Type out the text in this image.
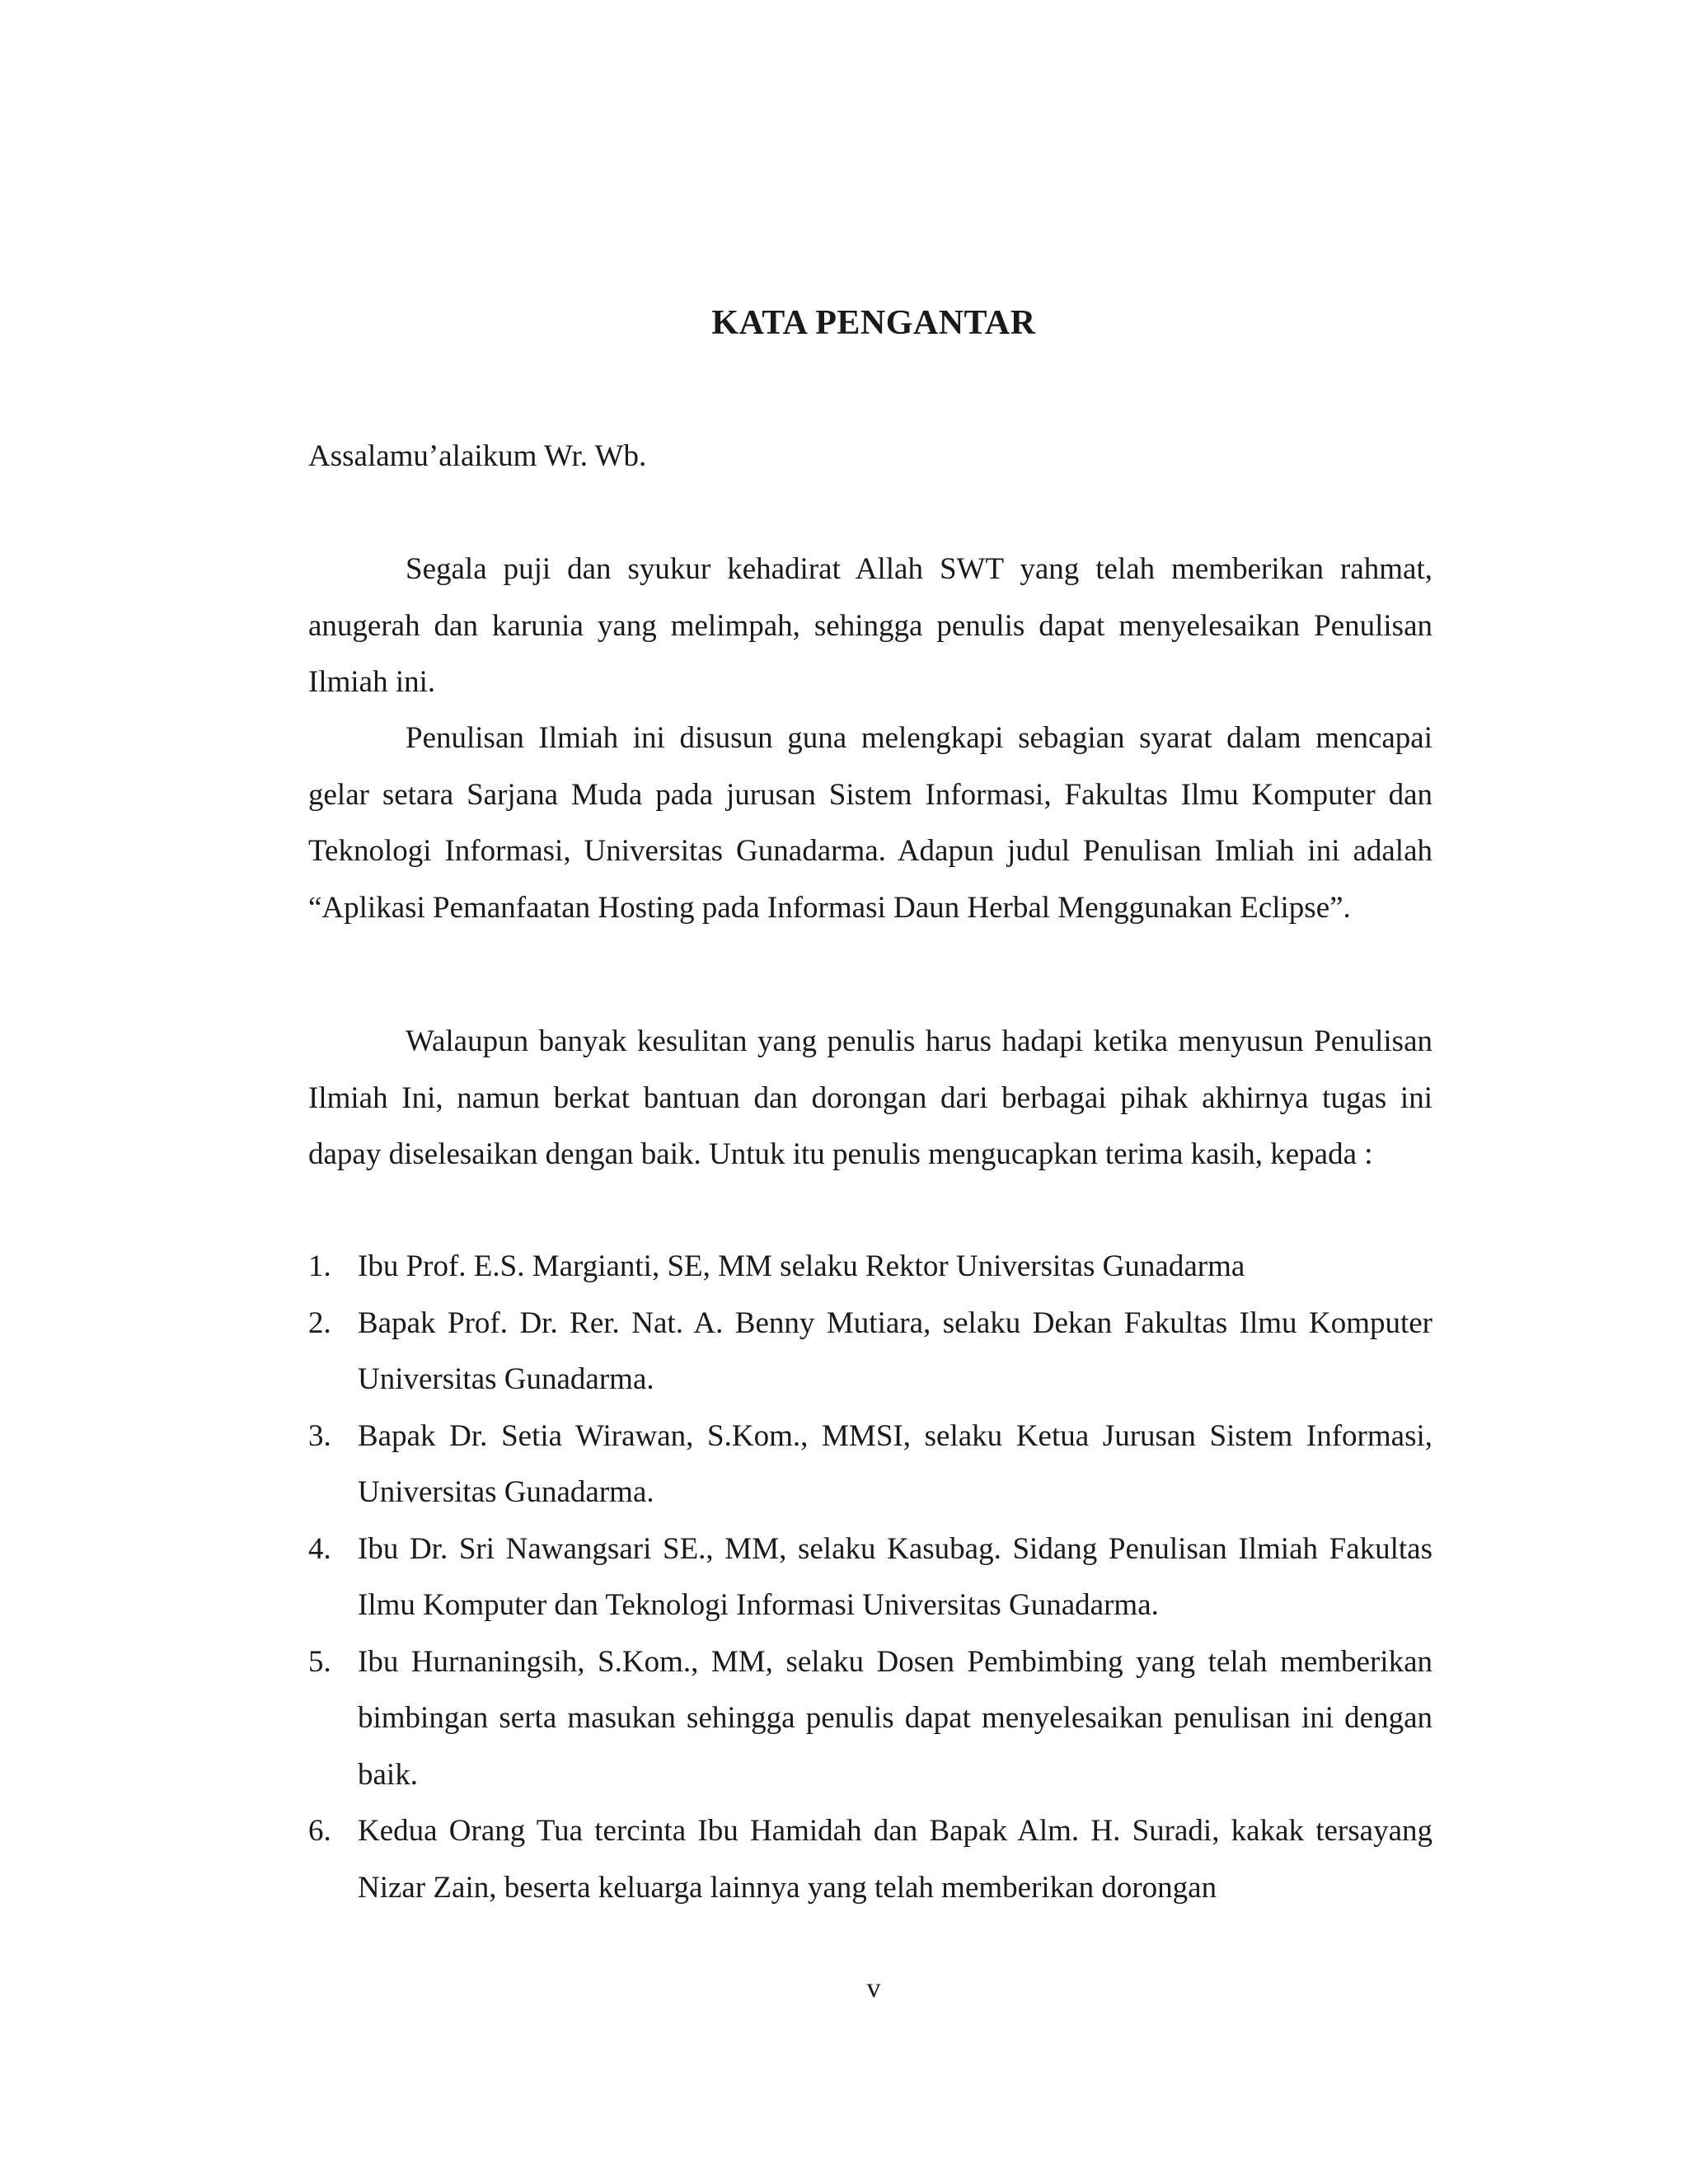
KATA PENGANTAR
Assalamu’alaikum Wr. Wb.

Segala puji dan syukur kehadirat Allah SWT yang telah memberikan rahmat, anugerah dan karunia yang melimpah, sehingga penulis dapat menyelesaikan Penulisan Ilmiah ini.

Penulisan Ilmiah ini disusun guna melengkapi sebagian syarat dalam mencapai gelar setara Sarjana Muda pada jurusan Sistem Informasi, Fakultas Ilmu Komputer dan Teknologi Informasi, Universitas Gunadarma. Adapun judul Penulisan Imliah ini adalah “Aplikasi Pemanfaatan Hosting pada Informasi Daun Herbal Menggunakan Eclipse”.

Walaupun banyak kesulitan yang penulis harus hadapi ketika menyusun Penulisan Ilmiah Ini, namun berkat bantuan dan dorongan dari berbagai pihak akhirnya tugas ini dapay diselesaikan dengan baik. Untuk itu penulis mengucapkan terima kasih, kepada :

1. Ibu Prof. E.S. Margianti, SE, MM selaku Rektor Universitas Gunadarma
2. Bapak Prof. Dr. Rer. Nat. A. Benny Mutiara, selaku Dekan Fakultas Ilmu Komputer Universitas Gunadarma.
3. Bapak Dr. Setia Wirawan, S.Kom., MMSI, selaku Ketua Jurusan Sistem Informasi, Universitas Gunadarma.
4. Ibu Dr. Sri Nawangsari SE., MM, selaku Kasubag. Sidang Penulisan Ilmiah Fakultas Ilmu Komputer dan Teknologi Informasi Universitas Gunadarma.
5. Ibu Hurnaningsih, S.Kom., MM, selaku Dosen Pembimbing yang telah memberikan bimbingan serta masukan sehingga penulis dapat menyelesaikan penulisan ini dengan baik.
6. Kedua Orang Tua tercinta Ibu Hamidah dan Bapak Alm. H. Suradi, kakak tersayang Nizar Zain, beserta keluarga lainnya yang telah memberikan dorongan
v
